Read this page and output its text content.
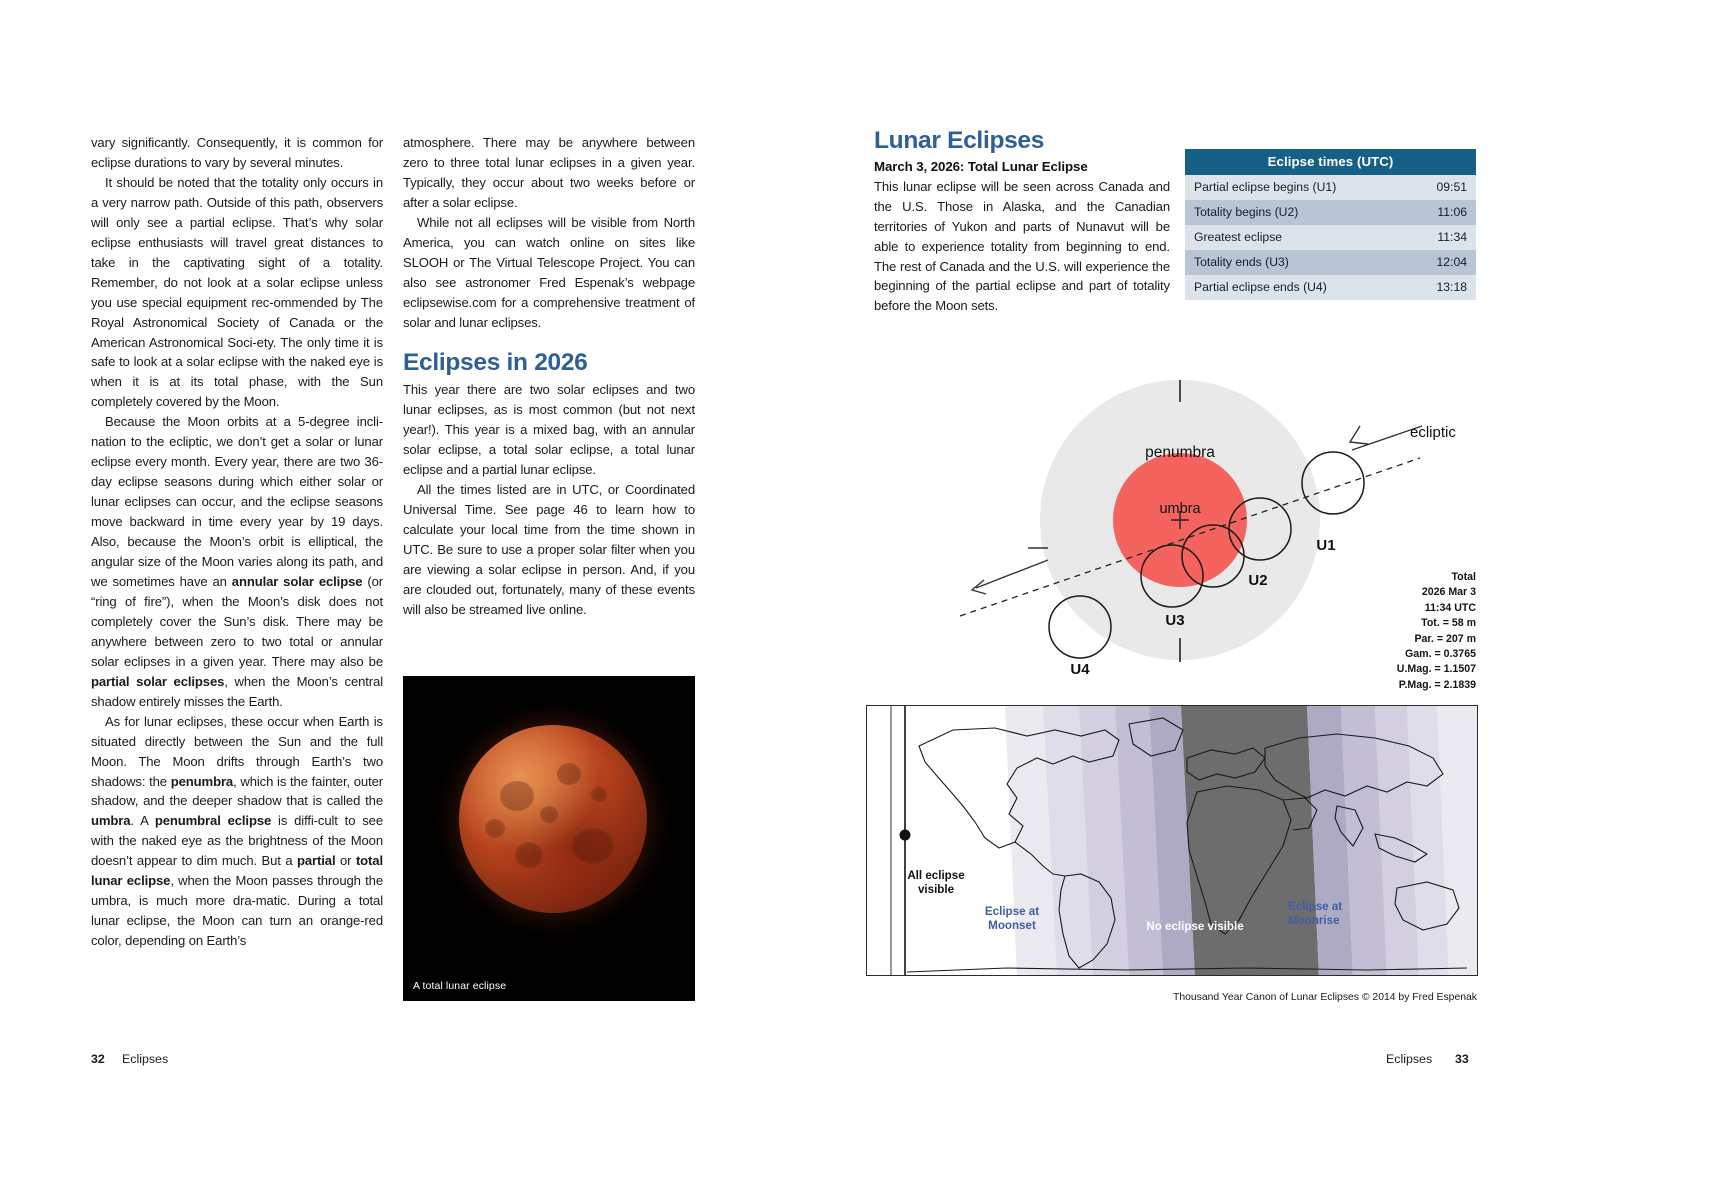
vary significantly. Consequently, it is common for eclipse durations to vary by several minutes.

It should be noted that the totality only occurs in a very narrow path. Outside of this path, observers will only see a partial eclipse. That’s why solar eclipse enthusiasts will travel great distances to take in the captivating sight of a totality. Remember, do not look at a solar eclipse unless you use special equipment rec-ommended by The Royal Astronomical Society of Canada or the American Astronomical Soci-ety. The only time it is safe to look at a solar eclipse with the naked eye is when it is at its total phase, with the Sun completely covered by the Moon.

Because the Moon orbits at a 5-degree incli-nation to the ecliptic, we don’t get a solar or lunar eclipse every month. Every year, there are two 36-day eclipse seasons during which either solar or lunar eclipses can occur, and the eclipse seasons move backward in time every year by 19 days. Also, because the Moon’s orbit is elliptical, the angular size of the Moon varies along its path, and we sometimes have an annular solar eclipse (or “ring of fire”), when the Moon’s disk does not completely cover the Sun’s disk. There may be anywhere between zero to two total or annular solar eclipses in a given year. There may also be partial solar eclipses, when the Moon’s central shadow entirely misses the Earth.

As for lunar eclipses, these occur when Earth is situated directly between the Sun and the full Moon. The Moon drifts through Earth’s two shadows: the penumbra, which is the fainter, outer shadow, and the deeper shadow that is called the umbra. A penumbral eclipse is diffi-cult to see with the naked eye as the brightness of the Moon doesn’t appear to dim much. But a partial or total lunar eclipse, when the Moon passes through the umbra, is much more dra-matic. During a total lunar eclipse, the Moon can turn an orange-red color, depending on Earth’s

atmosphere. There may be anywhere between zero to three total lunar eclipses in a given year. Typically, they occur about two weeks before or after a solar eclipse.

While not all eclipses will be visible from North America, you can watch online on sites like SLOOH or The Virtual Telescope Project. You can also see astronomer Fred Espenak’s webpage eclipsewise.com for a comprehensive treatment of solar and lunar eclipses.

Eclipses in 2026

This year there are two solar eclipses and two lunar eclipses, as is most common (but not next year!). This year is a mixed bag, with an annular solar eclipse, a total solar eclipse, a total lunar eclipse and a partial lunar eclipse.

All the times listed are in UTC, or Coordinated Universal Time. See page 46 to learn how to calculate your local time from the time shown in UTC. Be sure to use a proper solar filter when you are viewing a solar eclipse in person. And, if you are clouded out, fortunately, many of these events will also be streamed live online.

A total lunar eclipse
Lunar Eclipses
March 3, 2026: Total Lunar Eclipse
This lunar eclipse will be seen across Canada and the U.S. Those in Alaska, and the Canadian territories of Yukon and parts of Nunavut will be able to experience totality from beginning to end. The rest of Canada and the U.S. will experience the beginning of the partial eclipse and part of totality before the Moon sets.
Eclipse times (UTC)	
Partial eclipse begins (U1)	09:51
Totality begins (U2)	11:06
Greatest eclipse	11:34
Totality ends (U3)	12:04
Partial eclipse ends (U4)	13:18
penumbra
umbra
U1
U2
U3
U4
ecliptic
Total
2026 Mar 3
11:34 UTC
Tot. = 58 m
Par. = 207 m
Gam. = 0.3765
U.Mag. = 1.1507
P.Mag. = 2.1839
All eclipse
visible
Eclipse at
Moonset	No eclipse visible
Eclipse at
Moonrise
Thousand Year Canon of Lunar Eclipses © 2014 by Fred Espenak
32 Eclipses	Eclipses 33
